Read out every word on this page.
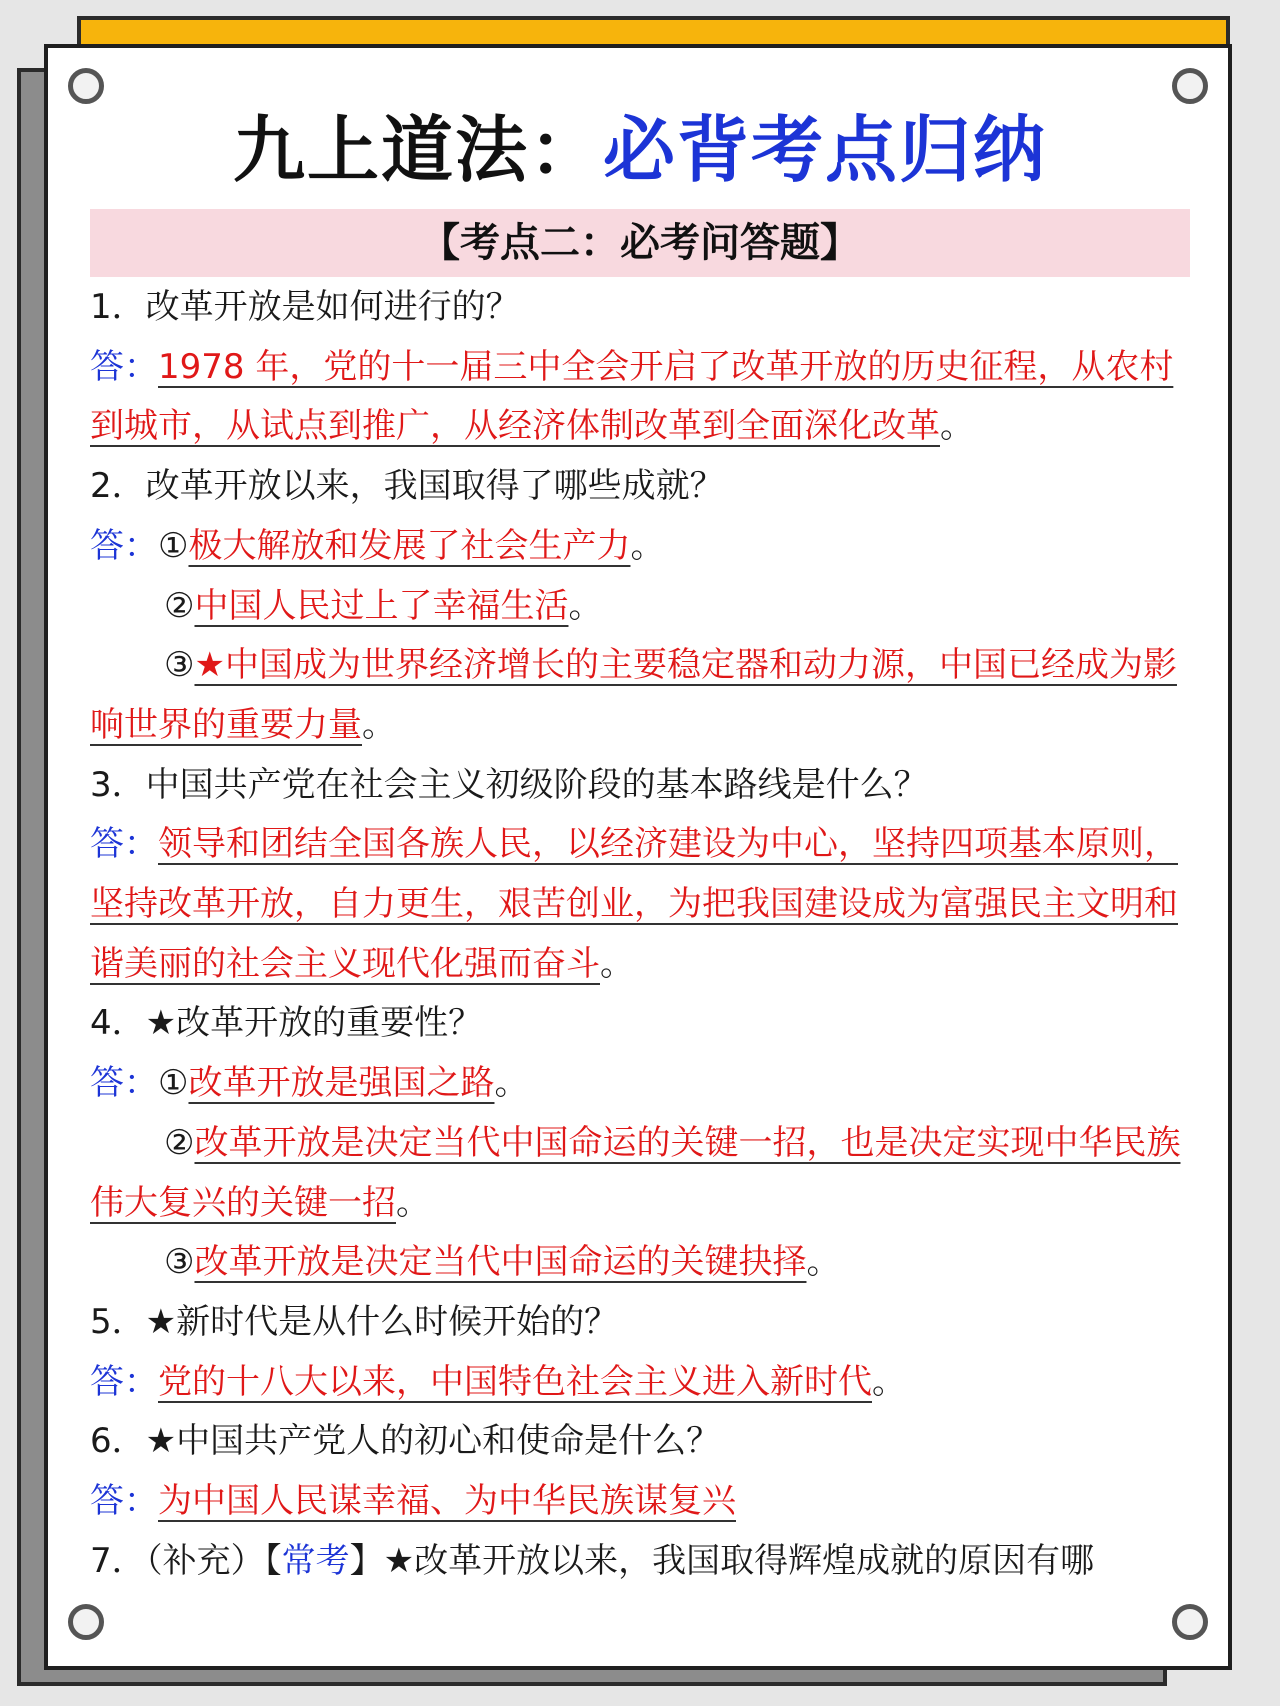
九上道法：必背考点归纳
【考点二：必考问答题】
1．改革开放是如何进行的？
答：1978 年，党的十一届三中全会开启了改革开放的历史征程，从农村到城市，从试点到推广，从经济体制改革到全面深化改革。
2．改革开放以来，我国取得了哪些成就？
答：①极大解放和发展了社会生产力。
②中国人民过上了幸福生活。
③★中国成为世界经济增长的主要稳定器和动力源，中国已经成为影响世界的重要力量。
3．中国共产党在社会主义初级阶段的基本路线是什么？
答：领导和团结全国各族人民，以经济建设为中心，坚持四项基本原则，坚持改革开放，自力更生，艰苦创业，为把我国建设成为富强民主文明和谐美丽的社会主义现代化强而奋斗。
4．★改革开放的重要性？
答：①改革开放是强国之路。
②改革开放是决定当代中国命运的关键一招，也是决定实现中华民族伟大复兴的关键一招。
③改革开放是决定当代中国命运的关键抉择。
5．★新时代是从什么时候开始的？
答：党的十八大以来，中国特色社会主义进入新时代。
6．★中国共产党人的初心和使命是什么？
答：为中国人民谋幸福、为中华民族谋复兴
7．（补充）【常考】★改革开放以来，我国取得辉煌成就的原因有哪
